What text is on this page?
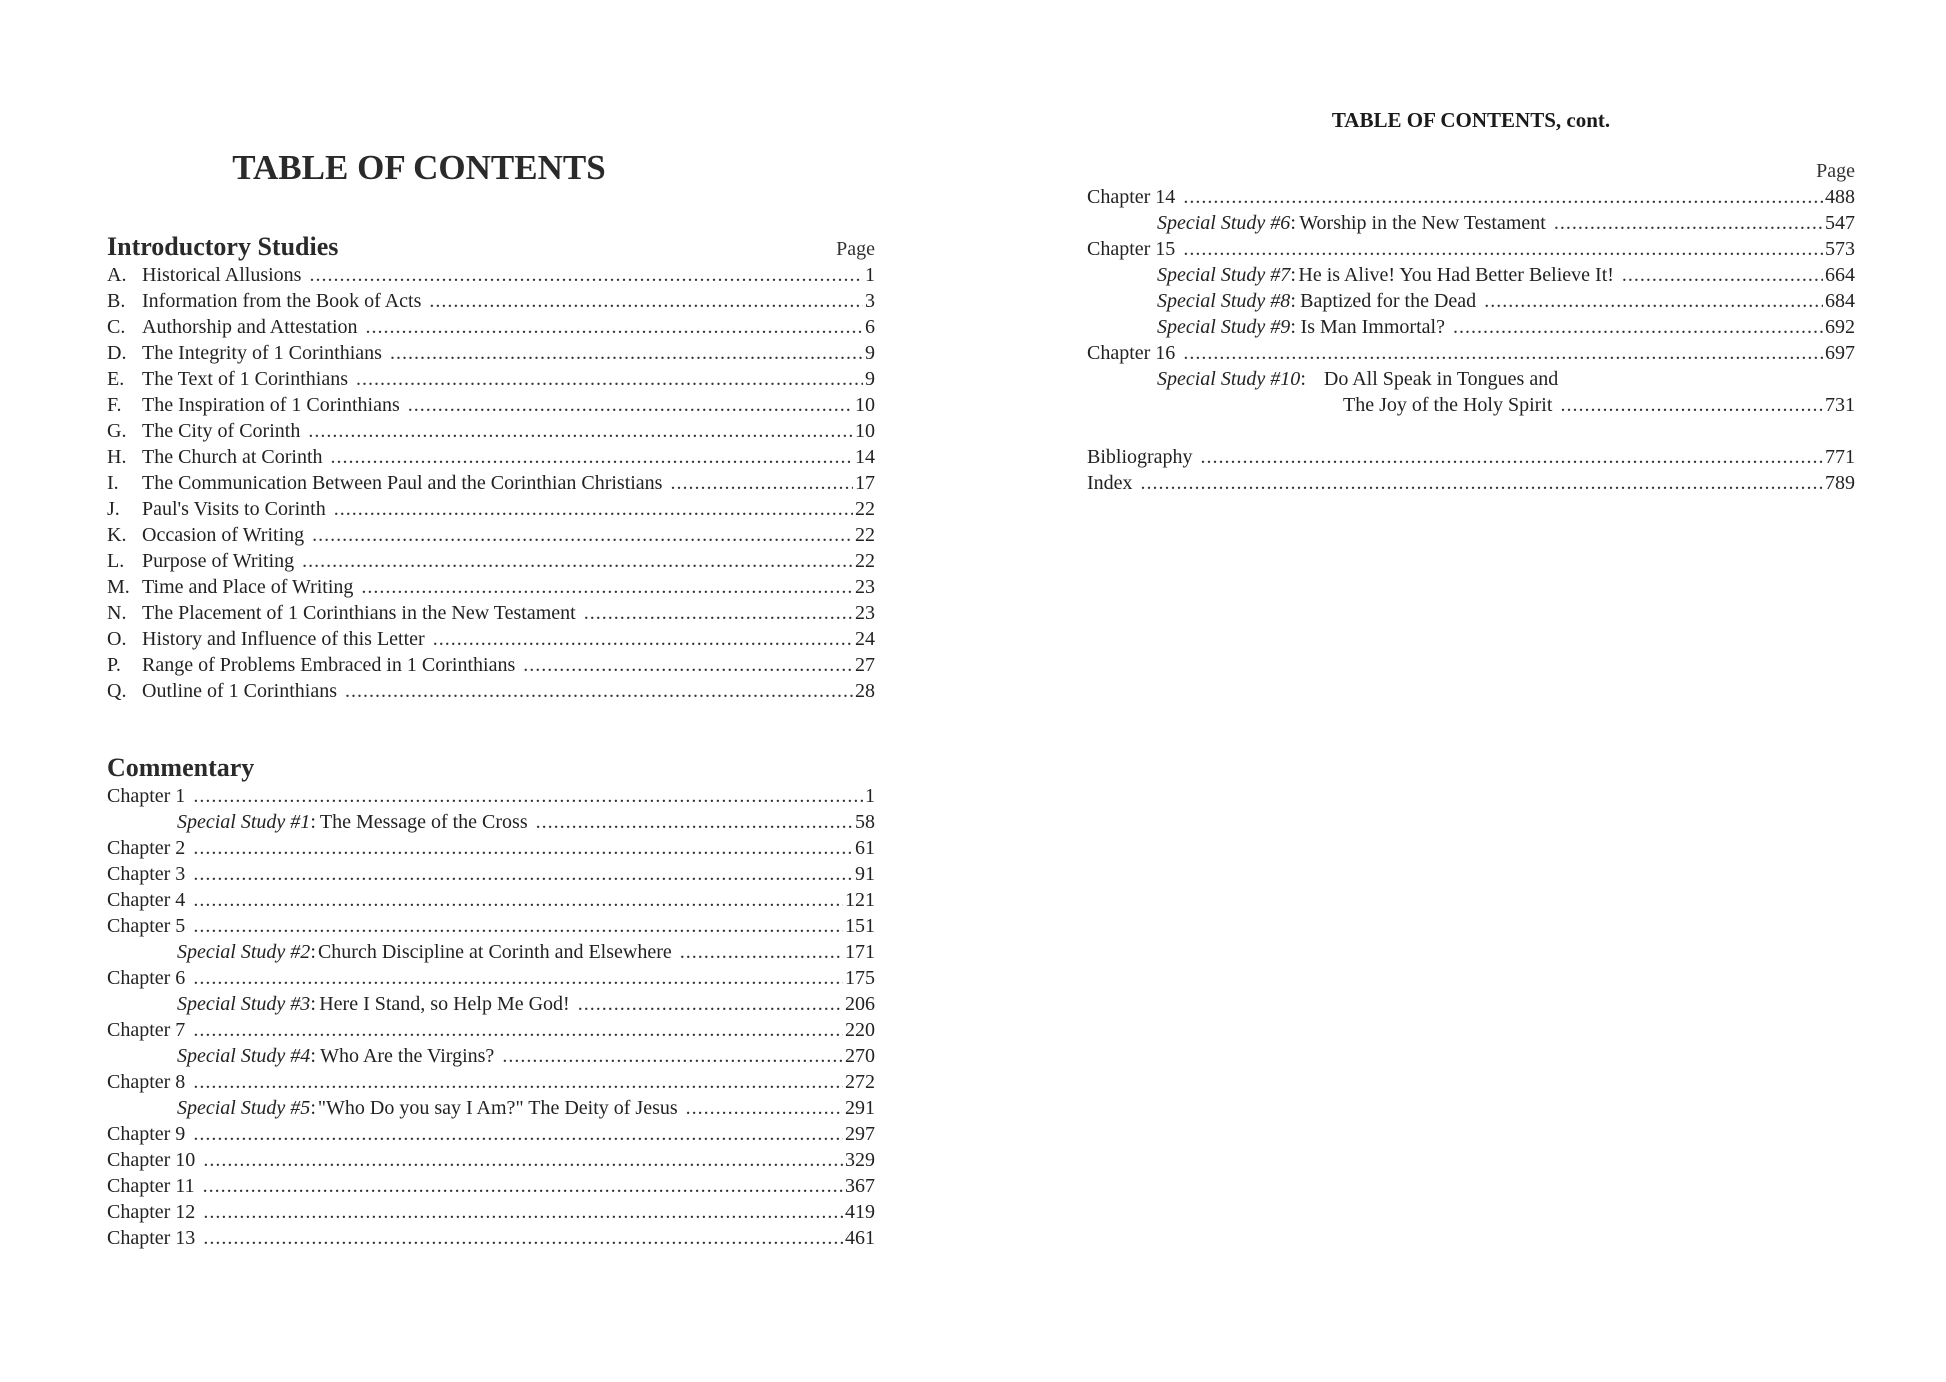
TABLE OF CONTENTS
Introductory Studies	Page
A. Historical Allusions .....	1
B. Information from the Book of Acts .....	3
C. Authorship and Attestation .....	6
D. The Integrity of 1 Corinthians .....	9
E. The Text of 1 Corinthians .....	9
F.	The Inspiration of 1 Corinthians .....	10
G. The City of Corinth .....	10
H. The Church at Corinth .....	14
I.	The Communication Between Paul and the Corinthian Christians .....	17
J.	Paul's Visits to Corinth .....	22
K. Occasion of Writing .....	22
L. Purpose of Writing .....	22
M. Time and Place of Writing .....	23
N. The Placement of 1 Corinthians in the New Testament .....	23
O. History and Influence of this Letter .....	24
P.	Range of Problems Embraced in 1 Corinthians .....	27
Q. Outline of 1 Corinthians .....	28
Commentary
Chapter 1 .....	1
Special Study #1 : The Message of the Cross .....	58
Chapter 2 .....	61
Chapter 3 .....	91
Chapter 4 .....	121
Chapter 5 .....	151
Special Study #2 : Church Discipline at Corinth and Elsewhere .....	171
Chapter 6 .....	175
Special Study #3 : Here I Stand, so Help Me God! .....	206
Chapter 7 .....	220
Special Study #4 : Who Are the Virgins? .....	270
Chapter 8 .....	272
Special Study #5 : "Who Do you say I Am?" The Deity of Jesus .....	291
Chapter 9 .....	297
Chapter 10 .....	329
Chapter 11 .....	367
Chapter 12 .....	419
Chapter 13 .....	461
TABLE OF CONTENTS, cont.
Page
Chapter 14 .....	488
Special Study #6 : Worship in the New Testament .....	547
Chapter 15 .....	573
Special Study #7 : He is Alive! You Had Better Believe It! .....	664
Special Study #8 : Baptized for the Dead .....	684
Special Study #9 : Is Man Immortal? .....	692
Chapter 16 .....	697
Special Study #10 : Do All Speak in Tongues and
The Joy of the Holy Spirit .....	731
Bibliography .....	771
Index .....	789
